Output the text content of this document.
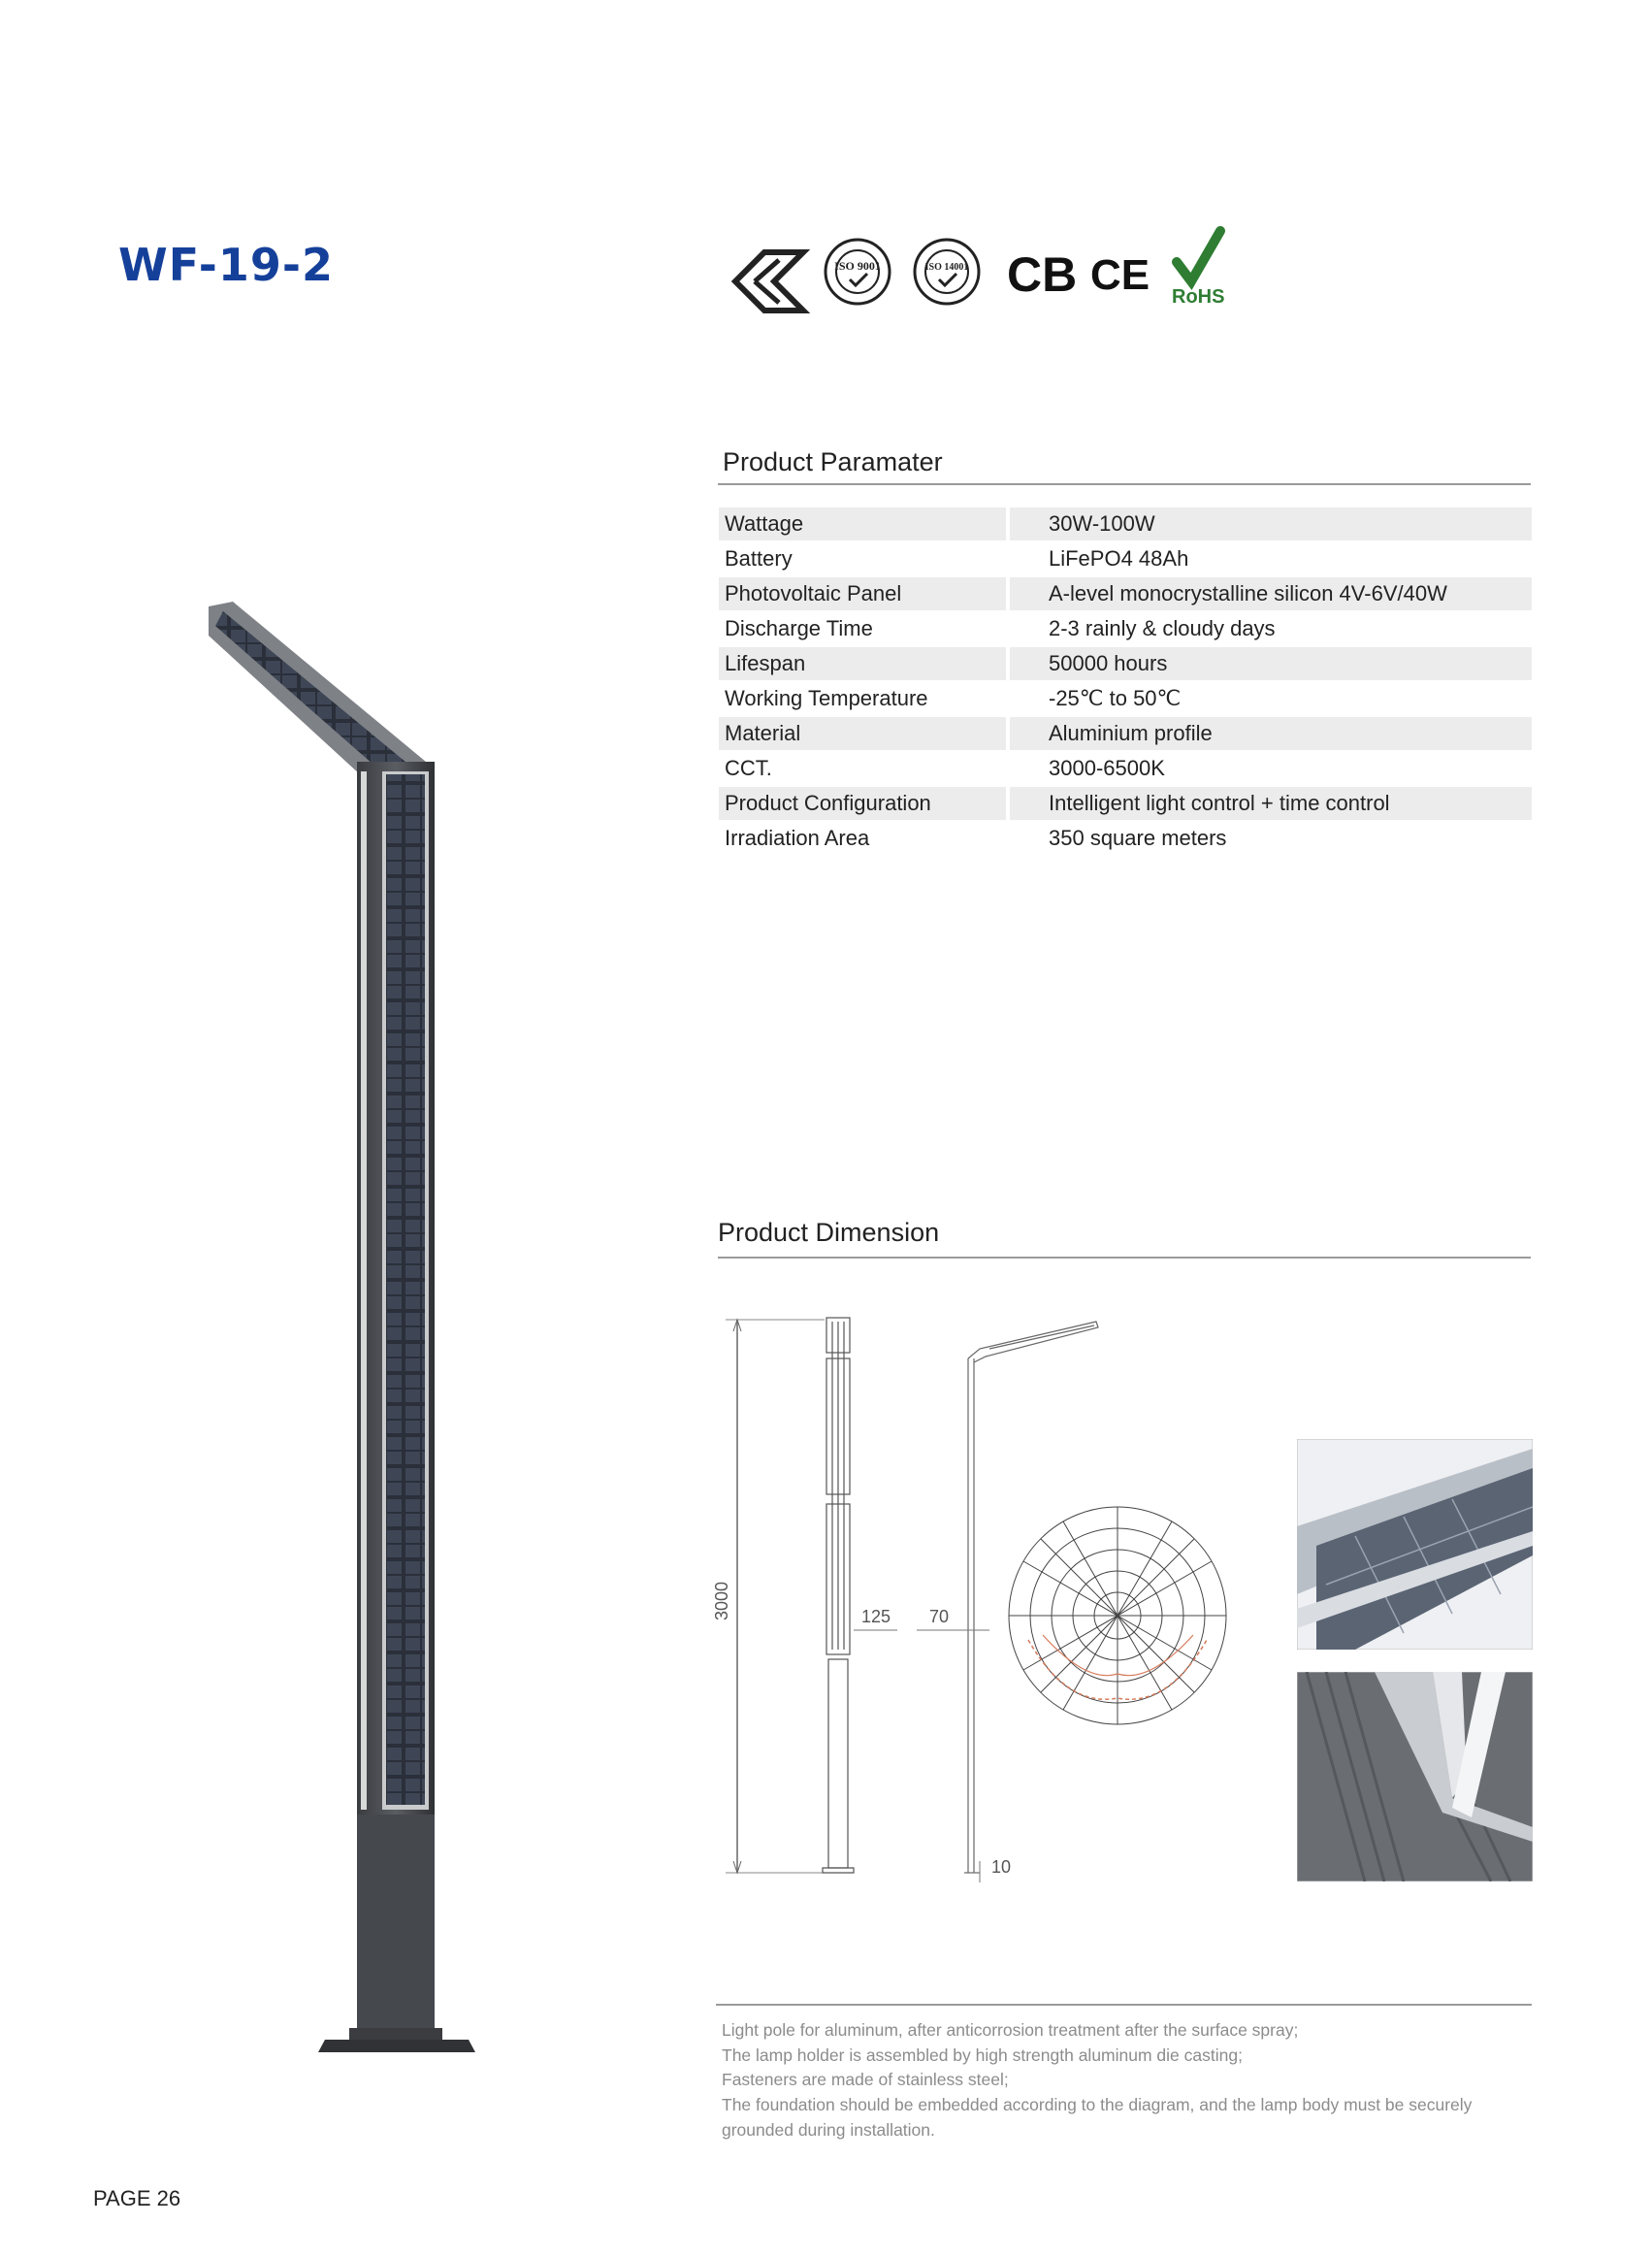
WF-19-2	ISO 9001	ISO 14001 CB CE RoHS
Product Paramater
Wattage	30W-100W
Battery	LiFePO4 48Ah
Photovoltaic Panel	A-level monocrystalline silicon 4V-6V/40W
Discharge Time	2-3 rainly & cloudy days
Lifespan	50000 hours
Working Temperature	-25℃ to 50℃
Material	Aluminium profile
CCT.	3000-6500K
Product Configuration	Intelligent light control + time control
Irradiation Area	350 square meters
Product Dimension
3000	125 70
10
Light pole for aluminum, after anticorrosion treatment after the surface spray;
The lamp holder is assembled by high strength aluminum die casting;
Fasteners are made of stainless steel;
The foundation should be embedded according to the diagram, and the lamp body must be securely
grounded during installation.
PAGE 26
